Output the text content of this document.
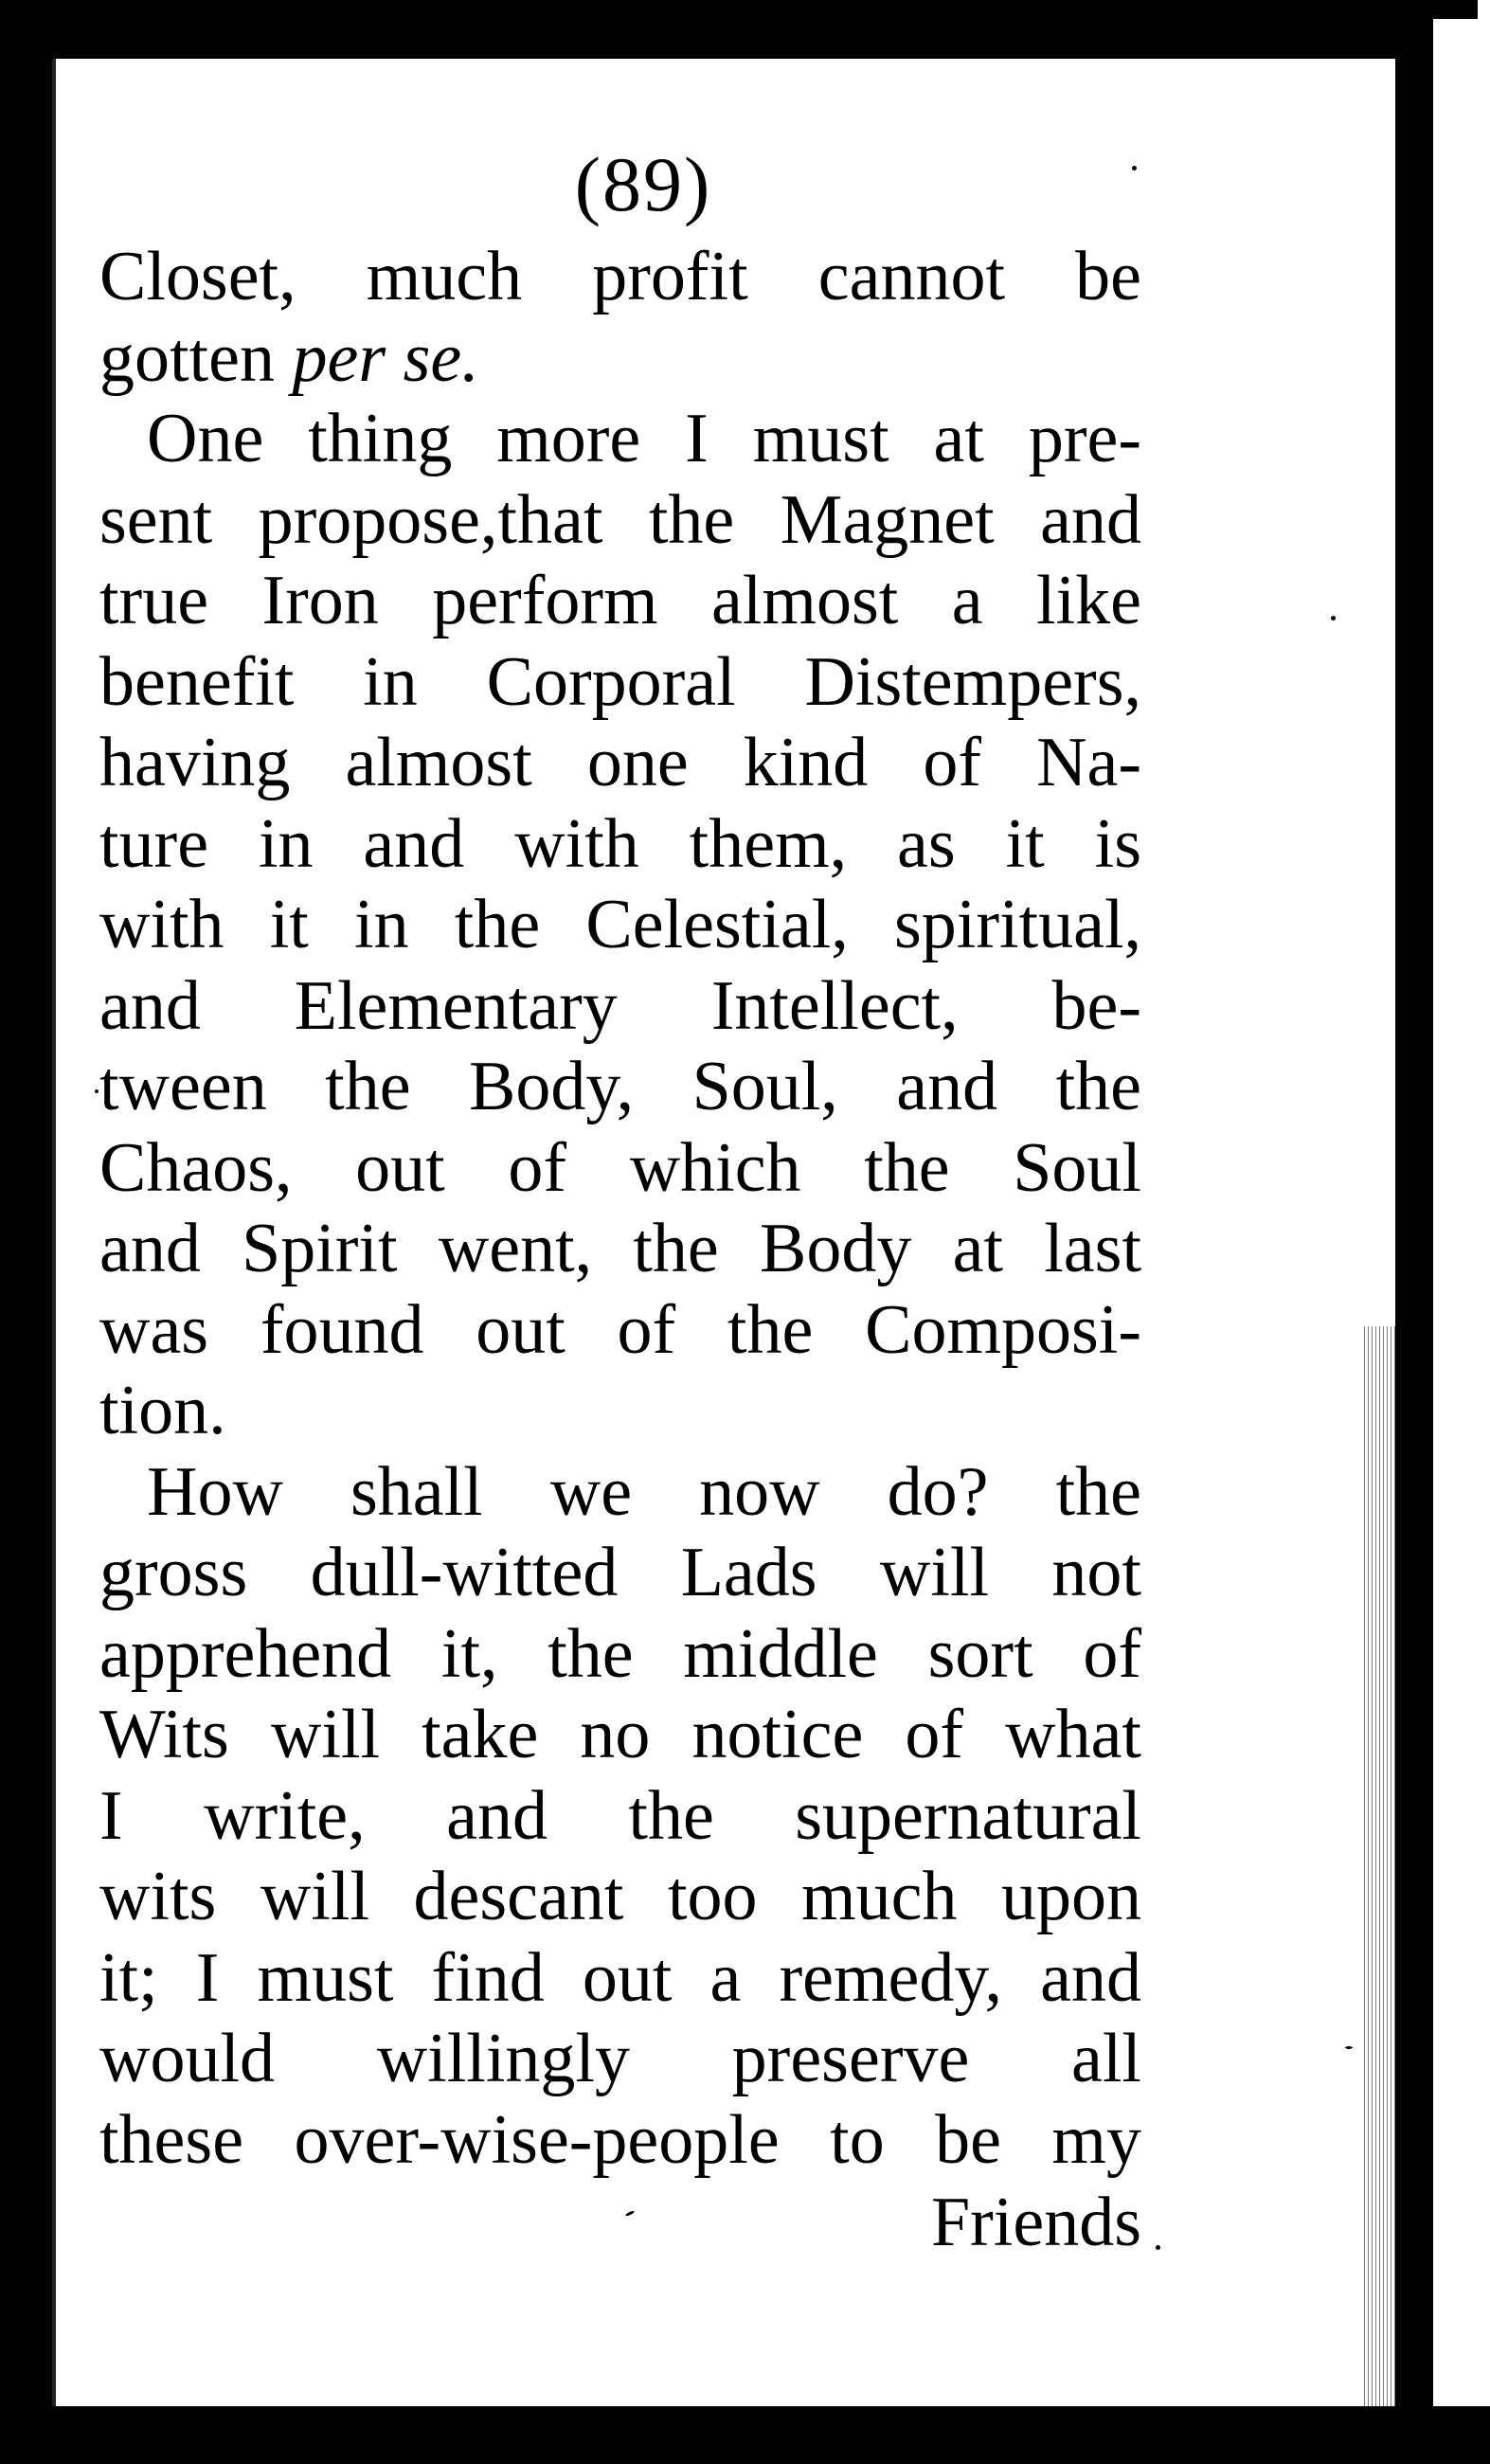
(89)
Closet, much profit cannot be
gotten per se.
One thing more I must at pre-
sent propose,that the Magnet and
true Iron perform almost a like
benefit in Corporal Distempers,
having almost one kind of Na-
ture in and with them, as it is
with it in the Celestial, spiritual,
and Elementary Intellect, be-
tween the Body, Soul, and the
Chaos, out of which the Soul
and Spirit went, the Body at last
was found out of the Composi-
tion.
How shall we now do? the
gross dull-witted Lads will not
apprehend it, the middle sort of
Wits will take no notice of what
I write, and the supernatural
wits will descant too much upon
it; I must find out a remedy, and
would willingly preserve all
these over-wise-people to be my
Friends
